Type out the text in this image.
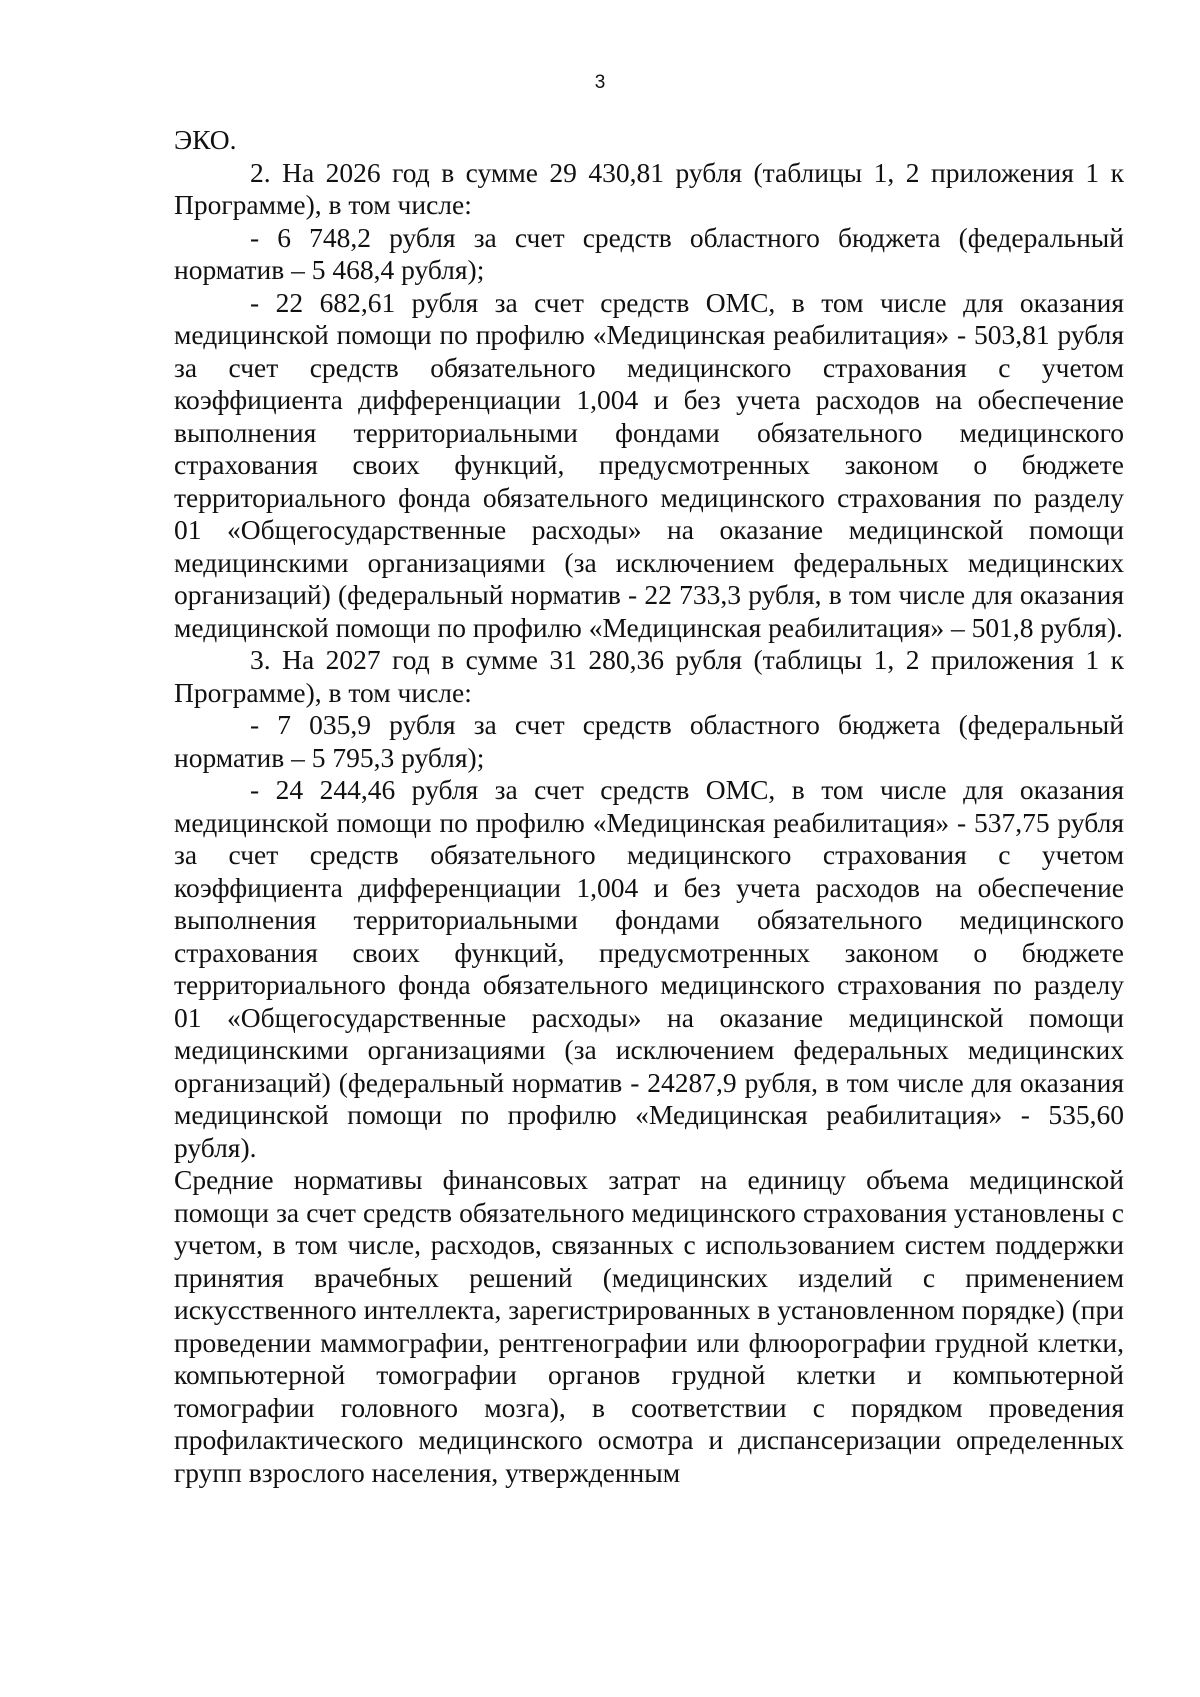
3

ЭКО.

2. На 2026 год в сумме 29 430,81 рубля (таблицы 1, 2 приложения 1 к Программе), в том числе:

- 6 748,2 рубля за счет средств областного бюджета (федеральный норматив – 5 468,4 рубля);

- 22 682,61 рубля за счет средств ОМС, в том числе для оказания медицинской помощи по профилю «Медицинская реабилитация» - 503,81 рубля за счет средств обязательного медицинского страхования с учетом коэффициента дифференциации 1,004 и без учета расходов на обеспечение выполнения территориальными фондами обязательного медицинского страхования своих функций, предусмотренных законом о бюджете территориального фонда обязательного медицинского страхования по разделу 01 «Общегосударственные расходы» на оказание медицинской помощи медицинскими организациями (за исключением федеральных медицинских организаций) (федеральный норматив - 22 733,3 рубля, в том числе для оказания медицинской помощи по профилю «Медицинская реабилитация» – 501,8 рубля).

3. На 2027 год в сумме 31 280,36 рубля (таблицы 1, 2 приложения 1 к Программе), в том числе:

- 7 035,9 рубля за счет средств областного бюджета (федеральный норматив – 5 795,3 рубля);

- 24 244,46 рубля за счет средств ОМС, в том числе для оказания медицинской помощи по профилю «Медицинская реабилитация» - 537,75 рубля за счет средств обязательного медицинского страхования с учетом коэффициента дифференциации 1,004 и без учета расходов на обеспечение выполнения территориальными фондами обязательного медицинского страхования своих функций, предусмотренных законом о бюджете территориального фонда обязательного медицинского страхования по разделу 01 «Общегосударственные расходы» на оказание медицинской помощи медицинскими организациями (за исключением федеральных медицинских организаций) (федеральный норматив - 24287,9 рубля, в том числе для оказания медицинской помощи по профилю «Медицинская реабилитация» - 535,60 рубля).

Средние нормативы финансовых затрат на единицу объема медицинской помощи за счет средств обязательного медицинского страхования установлены с учетом, в том числе, расходов, связанных с использованием систем поддержки принятия врачебных решений (медицинских изделий с применением искусственного интеллекта, зарегистрированных в установленном порядке) (при проведении маммографии, рентгенографии или флюорографии грудной клетки, компьютерной томографии органов грудной клетки и компьютерной томографии головного мозга), в соответствии с порядком проведения профилактического медицинского осмотра и диспансеризации определенных групп взрослого населения, утвержденным
